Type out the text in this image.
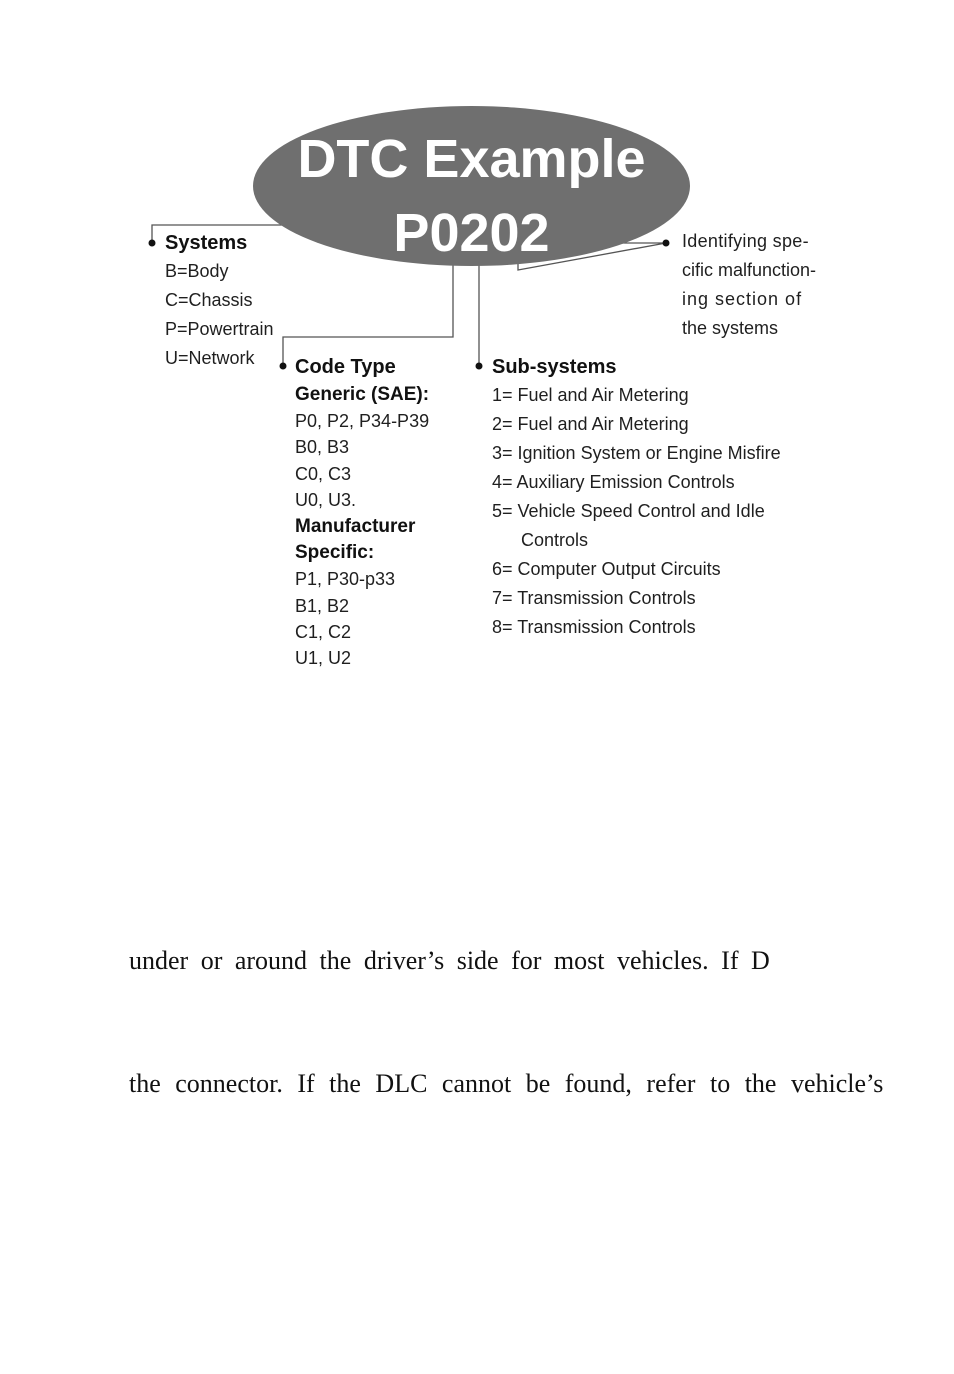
DTC Example
P0202
Systems
B=Body
C=Chassis
P=Powertrain
U=Network Code Type
Generic (SAE):
P0, P2, P34-P39
B0, B3
C0, C3
U0, U3.
Manufacturer
Specific:
P1, P30-p33
B1, B2
C1, C2
U1, U2
Sub-systems
1= Fuel and Air Metering
2= Fuel and Air Metering
3= Ignition System or Engine Misfire
4= Auxiliary Emission Controls
5= Vehicle Speed Control and Idle
Controls
6= Computer Output Circuits
7= Transmission Controls
8= Transmission Controls
Identifying spe-
cific malfunction-
ing section of
the systems
under or around the driver’s side for most vehicles. If D
the connector. If the DLC cannot be found, refer to the vehicle’s
